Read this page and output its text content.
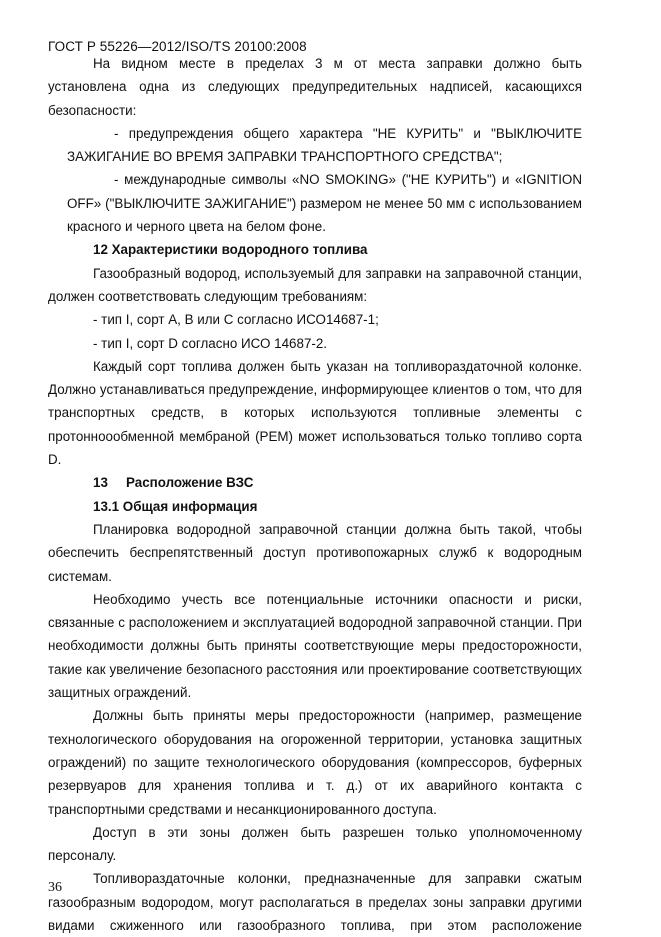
ГОСТ Р 55226—2012/ISO/TS 20100:2008

На видном месте в пределах 3 м от места заправки должно быть установлена одна из следующих предупредительных надписей, касающихся безопасности:

- предупреждения общего характера "НЕ КУРИТЬ" и "ВЫКЛЮЧИТЕ ЗАЖИГАНИЕ ВО ВРЕМЯ ЗАПРАВКИ ТРАНСПОРТНОГО СРЕДСТВА";

- международные символы «NO SMOKING» ("НЕ КУРИТЬ") и «IGNITION OFF» ("ВЫКЛЮЧИТЕ ЗАЖИГАНИЕ") размером не менее 50 мм с использованием красного и черного цвета на белом фоне.

12 Характеристики водородного топлива

Газообразный водород, используемый для заправки на заправочной станции, должен соответствовать следующим требованиям:

- тип I, сорт A, B или C согласно ИСО14687-1;

- тип I, сорт D согласно ИСО 14687-2.

Каждый сорт топлива должен быть указан на топливораздаточной колонке. Должно устанавливаться предупреждение, информирующее клиентов о том, что для транспортных средств, в которых используются топливные элементы с протонноообменной мембраной (PEM) может использоваться только топливо сорта D.

13 Расположение ВЗС

13.1 Общая информация

Планировка водородной заправочной станции должна быть такой, чтобы обеспечить беспрепятственный доступ противопожарных служб к водородным системам.

Необходимо учесть все потенциальные источники опасности и риски, связанные с расположением и эксплуатацией водородной заправочной станции. При необходимости должны быть приняты соответствующие меры предосторожности, такие как увеличение безопасного расстояния или проектирование соответствующих защитных ограждений.

Должны быть приняты меры предосторожности (например, размещение технологического оборудования на огороженной территории, установка защитных ограждений) по защите технологического оборудования (компрессоров, буферных резервуаров для хранения топлива и т. д.) от их аварийного контакта с транспортными средствами и несанкционированного доступа.

Доступ в эти зоны должен быть разрешен только уполномоченному персоналу.

Топливораздаточные колонки, предназначенные для заправки сжатым газообразным водородом, могут располагаться в пределах зоны заправки другими видами сжиженного или газообразного топлива, при этом расположение

36
